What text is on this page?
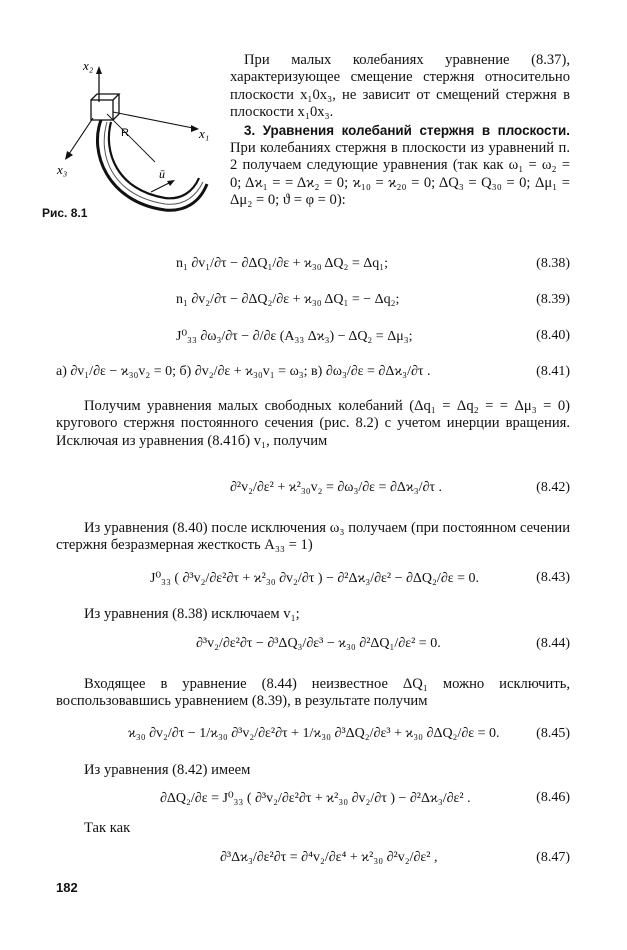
x₂
x₁
x₃
R
ū
Рис. 8.1

При малых колебаниях уравнение (8.37), характеризующее смещение стержня относительно плоскости x₁0x₃, не зависит от смещений стержня в плоскости x₁0x₃.

3. Уравнения колебаний стержня в плоскости. При колебаниях стержня в плоскости из уравнений п. 2 получаем следующие уравнения (так как ω₁ = ω₂ = 0; Δϰ₁ = = Δϰ₂ = 0; ϰ₁₀ = ϰ₂₀ = 0; ΔQ₃ = Q₃₀ = 0; Δμ₁ = Δμ₂ = 0; ϑ = φ = 0):

n₁ ∂v₁/∂τ − ∂ΔQ₁/∂ε + ϰ₃₀ ΔQ₂ = Δq₁;	(8.38)
n₁ ∂v₂/∂τ − ∂ΔQ₂/∂ε + ϰ₃₀ ΔQ₁ = − Δq₂;	(8.39)
J⁰₃₃ ∂ω₃/∂τ − ∂/∂ε (A₃₃ Δϰ₃) − ΔQ₂ = Δμ₃;	(8.40)
а) ∂v₁/∂ε − ϰ₃₀v₂ = 0; б) ∂v₂/∂ε + ϰ₃₀v₁ = ω₃; в) ∂ω₃/∂ε = ∂Δϰ₃/∂τ .	(8.41)

Получим уравнения малых свободных колебаний (Δq₁ = Δq₂ = = Δμ₃ = 0) кругового стержня постоянного сечения (рис. 8.2) с учетом инерции вращения. Исключая из уравнения (8.41б) v₁, получим

∂²v₂/∂ε² + ϰ²₃₀v₂ = ∂ω₃/∂ε = ∂Δϰ₃/∂τ .	(8.42)

Из уравнения (8.40) после исключения ω₃ получаем (при постоянном сечении стержня безразмерная жесткость A₃₃ = 1)

J⁰₃₃ ( ∂³v₂/∂ε²∂τ + ϰ²₃₀ ∂v₂/∂τ ) − ∂²Δϰ₃/∂ε² − ∂ΔQ₂/∂ε = 0.	(8.43)

Из уравнения (8.38) исключаем v₁;

∂³v₂/∂ε²∂τ − ∂³ΔQ₃/∂ε³ − ϰ₃₀ ∂²ΔQ₁/∂ε² = 0.	(8.44)

Входящее в уравнение (8.44) неизвестное ΔQ₁ можно исключить, воспользовавшись уравнением (8.39), в результате получим

ϰ₃₀ ∂v₂/∂τ − 1/ϰ₃₀ ∂³v₂/∂ε²∂τ + 1/ϰ₃₀ ∂³ΔQ₂/∂ε³ + ϰ₃₀ ∂ΔQ₂/∂ε = 0.	(8.45)

Из уравнения (8.42) имеем

∂ΔQ₂/∂ε = J⁰₃₃ ( ∂³v₂/∂ε²∂τ + ϰ²₃₀ ∂v₂/∂τ ) − ∂²Δϰ₃/∂ε² .	(8.46)

Так как

∂³Δϰ₃/∂ε²∂τ = ∂⁴v₂/∂ε⁴ + ϰ²₃₀ ∂²v₂/∂ε² ,	(8.47)
182
